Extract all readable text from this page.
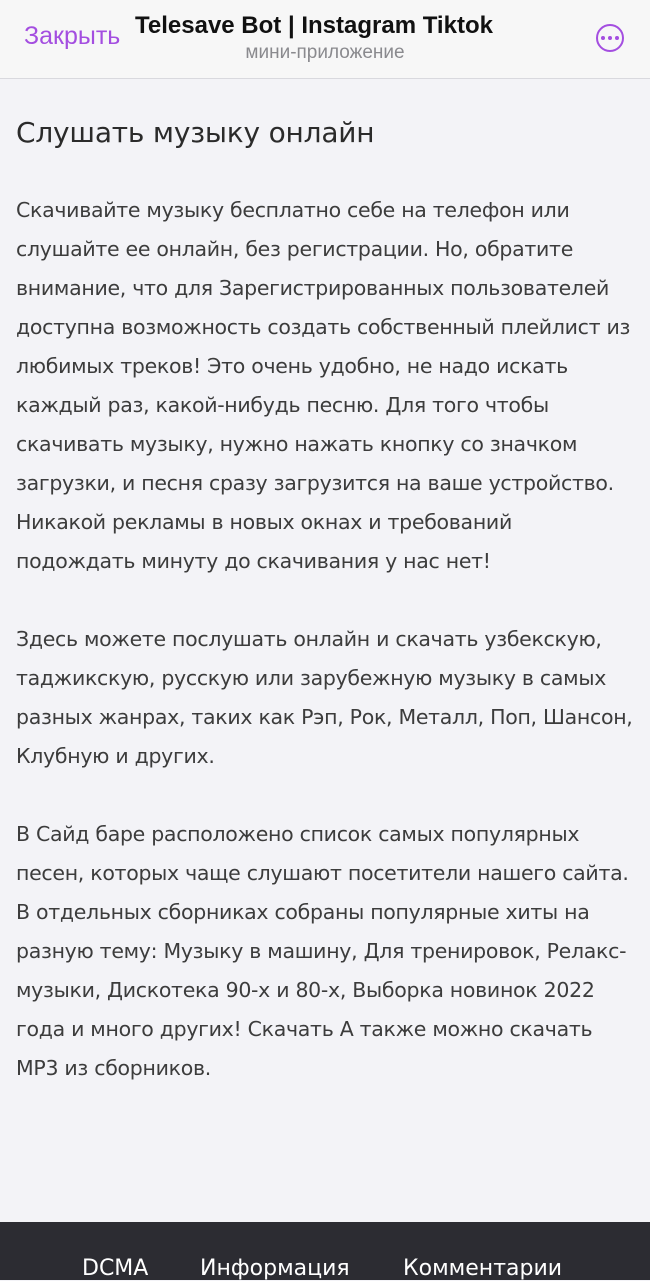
Закрыть Telesave Bot | Instagram Tiktok
мини-приложение
Слушать музыку онлайн

Скачивайте музыку бесплатно себе на телефон или слушайте ее онлайн, без регистрации. Но, обратите внимание, что для Зарегистрированных пользователей доступна возможность создать собственный плейлист из любимых треков! Это очень удобно, не надо искать каждый раз, какой-нибудь песню. Для того чтобы скачивать музыку, нужно нажать кнопку со значком загрузки, и песня сразу загрузится на ваше устройство. Никакой рекламы в новых окнах и требований подождать минуту до скачивания у нас нет!

Здесь можете послушать онлайн и скачать узбекскую, таджикскую, русскую или зарубежную музыку в самых разных жанрах, таких как Рэп, Рок, Металл, Поп, Шансон, Клубную и других.

В Сайд баре расположено список самых популярных песен, которых чаще слушают посетители нашего сайта. В отдельных сборниках собраны популярные хиты на разную тему: Музыку в машину, Для тренировок, Релакс-музыки, Дискотека 90-х и 80-х, Выборка новинок 2022 года и много других! Скачать А также можно скачать MP3 из сборников.

DCMA Информация Комментарии
